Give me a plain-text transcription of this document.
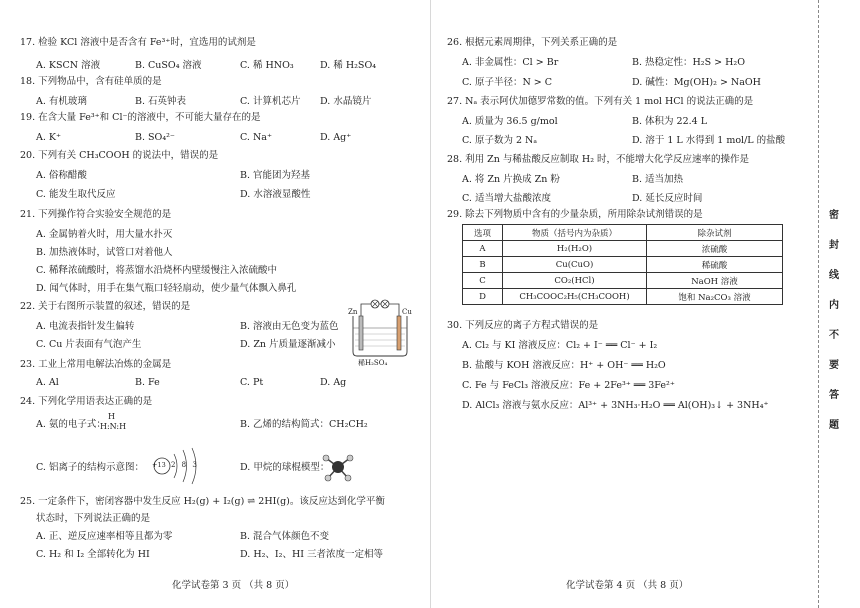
17. 检验 KCl 溶液中是否含有 Fe³⁺时，宜选用的试剂是
A. KSCN 溶液	B. CuSO₄ 溶液	C. 稀 HNO₃	D. 稀 H₂SO₄
18. 下列物品中，含有硅单质的是
A. 有机玻璃	B. 石英钟表	C. 计算机芯片 D. 水晶镜片
19. 在含大量 Fe³⁺和 Cl⁻的溶液中，不可能大量存在的是
A. K⁺	B. SO₄²⁻	C. Na⁺	D. Ag⁺
20. 下列有关 CH₃COOH 的说法中，错误的是
A. 俗称醋酸	B. 官能团为羟基
C. 能发生取代反应	D. 水溶液显酸性
21. 下列操作符合实验安全规范的是
A. 金属钠着火时，用大量水扑灭
B. 加热液体时，试管口对着他人
C. 稀释浓硫酸时，将蒸馏水沿烧杯内壁缓慢注入浓硫酸中
D. 闻气体时，用手在集气瓶口轻轻扇动，使少量气体飘入鼻孔
22. 关于右图所示装置的叙述，错误的是
A. 电流表指针发生偏转	B. 溶液由无色变为蓝色
C. Cu 片表面有气泡产生	D. Zn 片质量逐渐减小
Zn	Cu
稀H₂SO₄
23. 工业上常用电解法冶炼的金属是
A. Al	B. Fe	C. Pt	D. Ag
24. 下列化学用语表达正确的是
A. 氨的电子式：
H
H:N:H	B. 乙烯的结构简式：CH₂CH₂
C. 铝离子的结构示意图： +13 2 8 3	D. 甲烷的球棍模型：
25. 一定条件下，密闭容器中发生反应 H₂(g) + I₂(g) ⇌ 2HI(g)。该反应达到化学平衡
状态时，下列说法正确的是
A. 正、逆反应速率相等且都为零	B. 混合气体颜色不变
C. H₂ 和 I₂ 全部转化为 HI	D. H₂、I₂、HI 三者浓度一定相等
化学试卷第 3 页 （共 8 页）
26. 根据元素周期律，下列关系正确的是
A. 非金属性：Cl > Br	B. 热稳定性：H₂S > H₂O
C. 原子半径：N > C	D. 碱性：Mg(OH)₂ > NaOH
27. Nₐ 表示阿伏加德罗常数的值。下列有关 1 mol HCl 的说法正确的是
A. 质量为 36.5 g/mol	B. 体积为 22.4 L
C. 原子数为 2 Nₐ	D. 溶于 1 L 水得到 1 mol/L 的盐酸
28. 利用 Zn 与稀盐酸反应制取 H₂ 时，不能增大化学反应速率的操作是
A. 将 Zn 片换成 Zn 粉	B. 适当加热
C. 适当增大盐酸浓度	D. 延长反应时间
29. 除去下列物质中含有的少量杂质，所用除杂试剂错误的是
选项	物质（括号内为杂质）	除杂试剂
A	H₂(H₂O)	浓硫酸
B	Cu(CuO)	稀硫酸
C	CO₂(HCl)	NaOH 溶液
D	CH₃COOC₂H₅(CH₃COOH)	饱和 Na₂CO₃ 溶液
30. 下列反应的离子方程式错误的是
A. Cl₂ 与 KI 溶液反应：Cl₂ + I⁻ ══ Cl⁻ + I₂
B. 盐酸与 KOH 溶液反应：H⁺ + OH⁻ ══ H₂O
C. Fe 与 FeCl₃ 溶液反应：Fe + 2Fe³⁺ ══ 3Fe²⁺
D. AlCl₃ 溶液与氨水反应：Al³⁺ + 3NH₃·H₂O ══ Al(OH)₃↓ + 3NH₄⁺
化学试卷第 4 页 （共 8 页）
密
封
线
内
不
要
答
题
